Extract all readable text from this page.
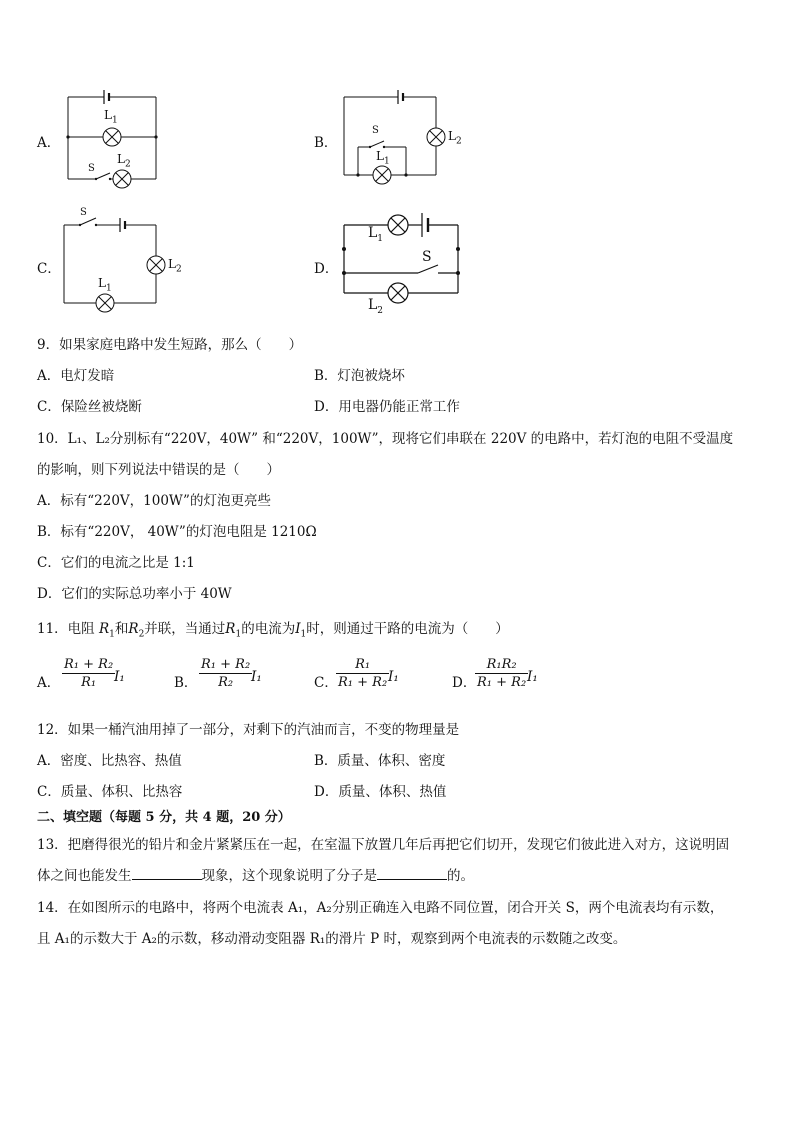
A．
$L_1$
S
$L_2$
B．
S
$L_1$
$L_2$
C．
S
$L_2$
$L_1$
D．
$L_1$
S
$L_2$
9．如果家庭电路中发生短路，那么（　　）
A．电灯发暗	B．灯泡被烧坏
C．保险丝被烧断	D．用电器仍能正常工作
10．L₁、L₂分别标有“220V，40W” 和“220V，100W”，现将它们串联在 220V 的电路中，若灯泡的电阻不受温度
的影响，则下列说法中错误的是（　　）
A．标有“220V，100W”的灯泡更亮些
B．标有“220V， 40W”的灯泡电阻是 1210Ω
C．它们的电流之比是 1:1
D．它们的实际总功率小于 40W
11．电阻 $R_1$和$R_2$并联，当通过$R_1$的电流为$I_1$时，则通过干路的电流为（　　）
A．
R₁ + R₂
R₁	I₁	B．
R₁ + R₂
R₂	I₁	C．
R₁
R₁ + R₂ I₁	D．
R₁R₂
R₁ + R₂ I₁
12．如果一桶汽油用掉了一部分，对剩下的汽油而言，不变的物理量是
A．密度、比热容、热值	B．质量、体积、密度
C．质量、体积、比热容	D．质量、体积、热值
二、填空题（每题 5 分，共 4 题，20 分）
13．把磨得很光的铅片和金片紧紧压在一起，在室温下放置几年后再把它们切开，发现它们彼此进入对方，这说明固
体之间也能发生	现象，这个现象说明了分子是	的。
14．在如图所示的电路中，将两个电流表 A₁，A₂分别正确连入电路不同位置，闭合开关 S，两个电流表均有示数，
且 A₁的示数大于 A₂的示数，移动滑动变阻器 R₁的滑片 P 时，观察到两个电流表的示数随之改变。
